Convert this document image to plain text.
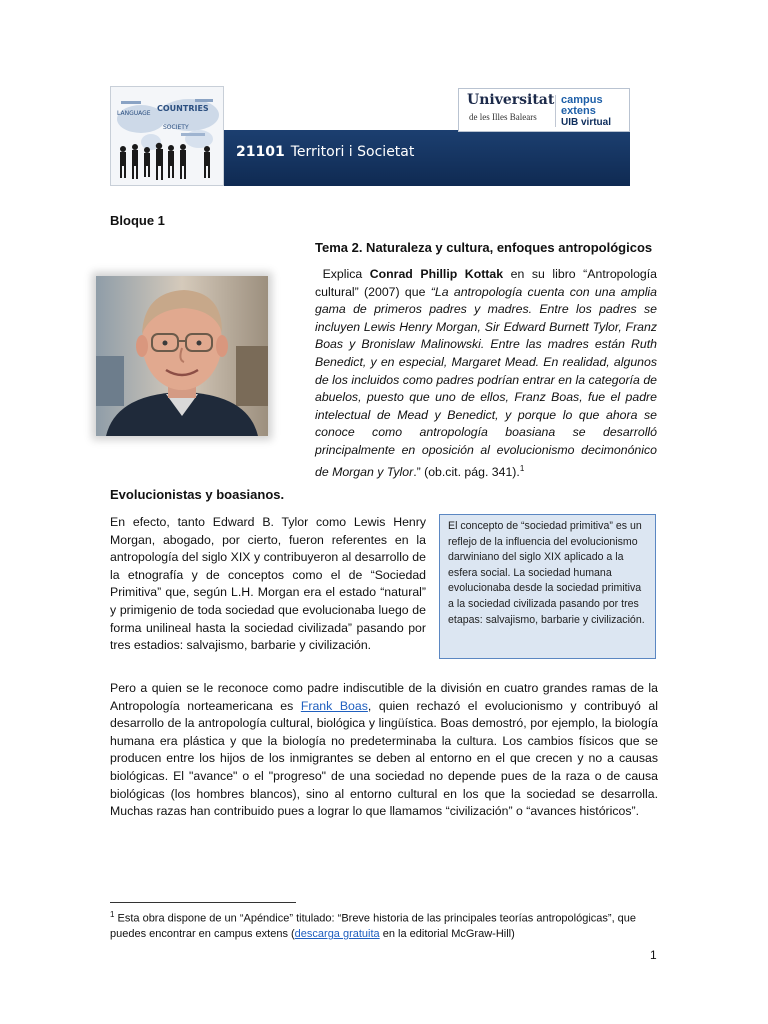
COUNTRIES
LANGUAGE
SOCIETY
21101 Territori i Societat
Universitat
de les Illes Balears
campus extens
UIB virtual
Bloque 1
Tema 2. Naturaleza y cultura, enfoques antropológicos
Explica Conrad Phillip Kottak en su libro “Antropología cultural” (2007) que “La antropología cuenta con una amplia gama de primeros padres y madres. Entre los padres se incluyen Lewis Henry Morgan, Sir Edward Burnett Tylor, Franz Boas y Bronislaw Malinowski. Entre las madres están Ruth Benedict, y en especial, Margaret Mead. En realidad, algunos de los incluidos como padres podrían entrar en la categoría de abuelos, puesto que uno de ellos, Franz Boas, fue el padre intelectual de Mead y Benedict, y porque lo que ahora se conoce como antropología boasiana se desarrolló principalmente en oposición al evolucionismo decimonónico de Morgan y Tylor.” (ob.cit. pág. 341).$^1$
Evolucionistas y boasianos.
En efecto, tanto Edward B. Tylor como Lewis Henry Morgan, abogado, por cierto, fueron referentes en la antropología del siglo XIX y contribuyeron al desarrollo de la etnografía y de conceptos como el de “Sociedad Primitiva” que, según L.H. Morgan era el estado “natural” y primigenio de toda sociedad que evolucionaba luego de forma unilineal hasta la sociedad civilizada” pasando por tres estadios: salvajismo, barbarie y civilización.
El concepto de “sociedad primitiva” es un reflejo de la influencia del evolucionismo darwiniano del siglo XIX aplicado a la esfera social. La sociedad humana evolucionaba desde la sociedad primitiva a la sociedad civilizada pasando por tres etapas: salvajismo, barbarie y civilización.
Pero a quien se le reconoce como padre indiscutible de la división en cuatro grandes ramas de la Antropología norteamericana es Frank Boas, quien rechazó el evolucionismo y contribuyó al desarrollo de la antropología cultural, biológica y lingüística. Boas demostró, por ejemplo, la biología humana era plástica y que la biología no predeterminaba la cultura. Los cambios físicos que se producen entre los hijos de los inmigrantes se deben al entorno en el que crecen y no a causas biológicas. El "avance" o el "progreso" de una sociedad no depende pues de la raza o de causa biológicas (los hombres blancos), sino al entorno cultural en los que la sociedad se desarrolla. Muchas razas han contribuido pues a lograr lo que llamamos “civilización” o “avances históricos”.
$^1$ Esta obra dispone de un “Apéndice” titulado: “Breve historia de las principales teorías antropológicas”, que puedes encontrar en campus extens (descarga gratuita en la editorial McGraw-Hill)
1
